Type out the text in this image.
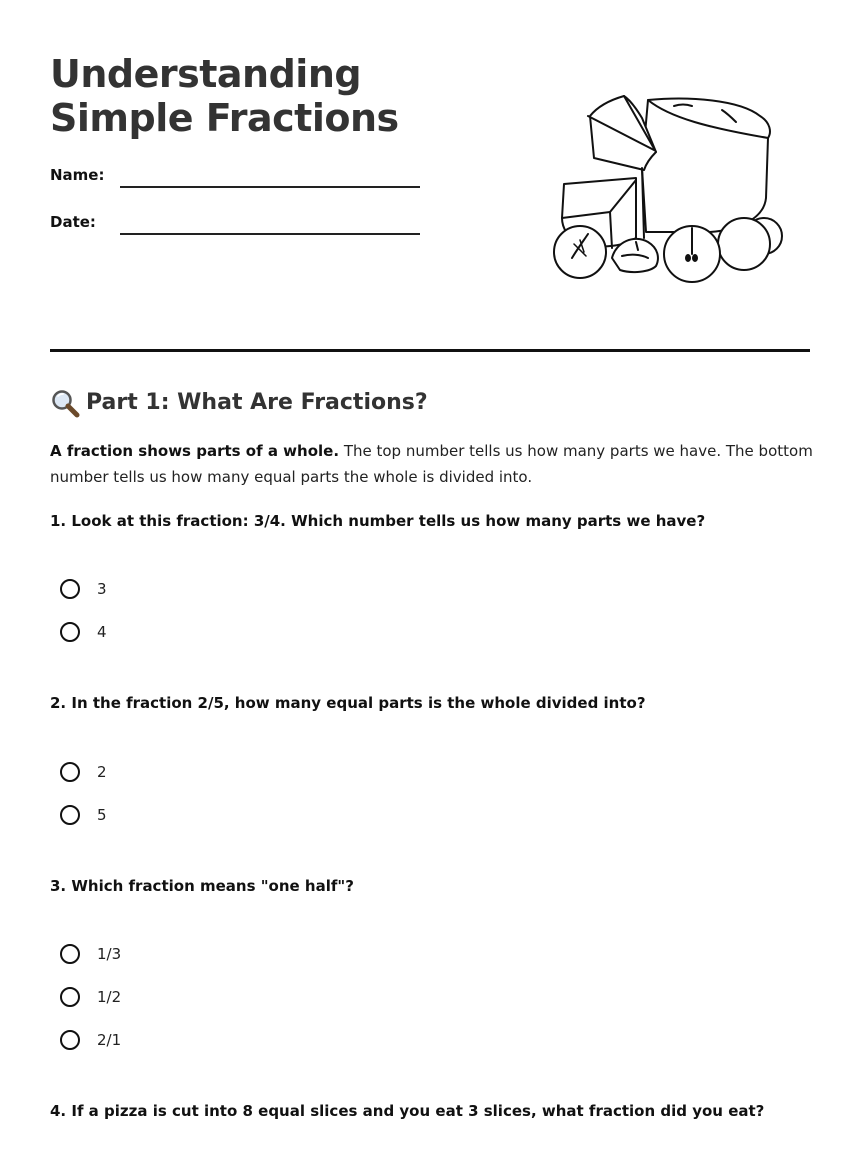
Understanding Simple Fractions
Name:
Date:
Part 1: What Are Fractions?

A fraction shows parts of a whole. The top number tells us how many parts we have. The bottom number tells us how many equal parts the whole is divided into.

1. Look at this fraction: 3/4. Which number tells us how many parts we have?

3
4

2. In the fraction 2/5, how many equal parts is the whole divided into?

2
5

3. Which fraction means "one half"?

1/3
1/2
2/1

4. If a pizza is cut into 8 equal slices and you eat 3 slices, what fraction did you eat?
